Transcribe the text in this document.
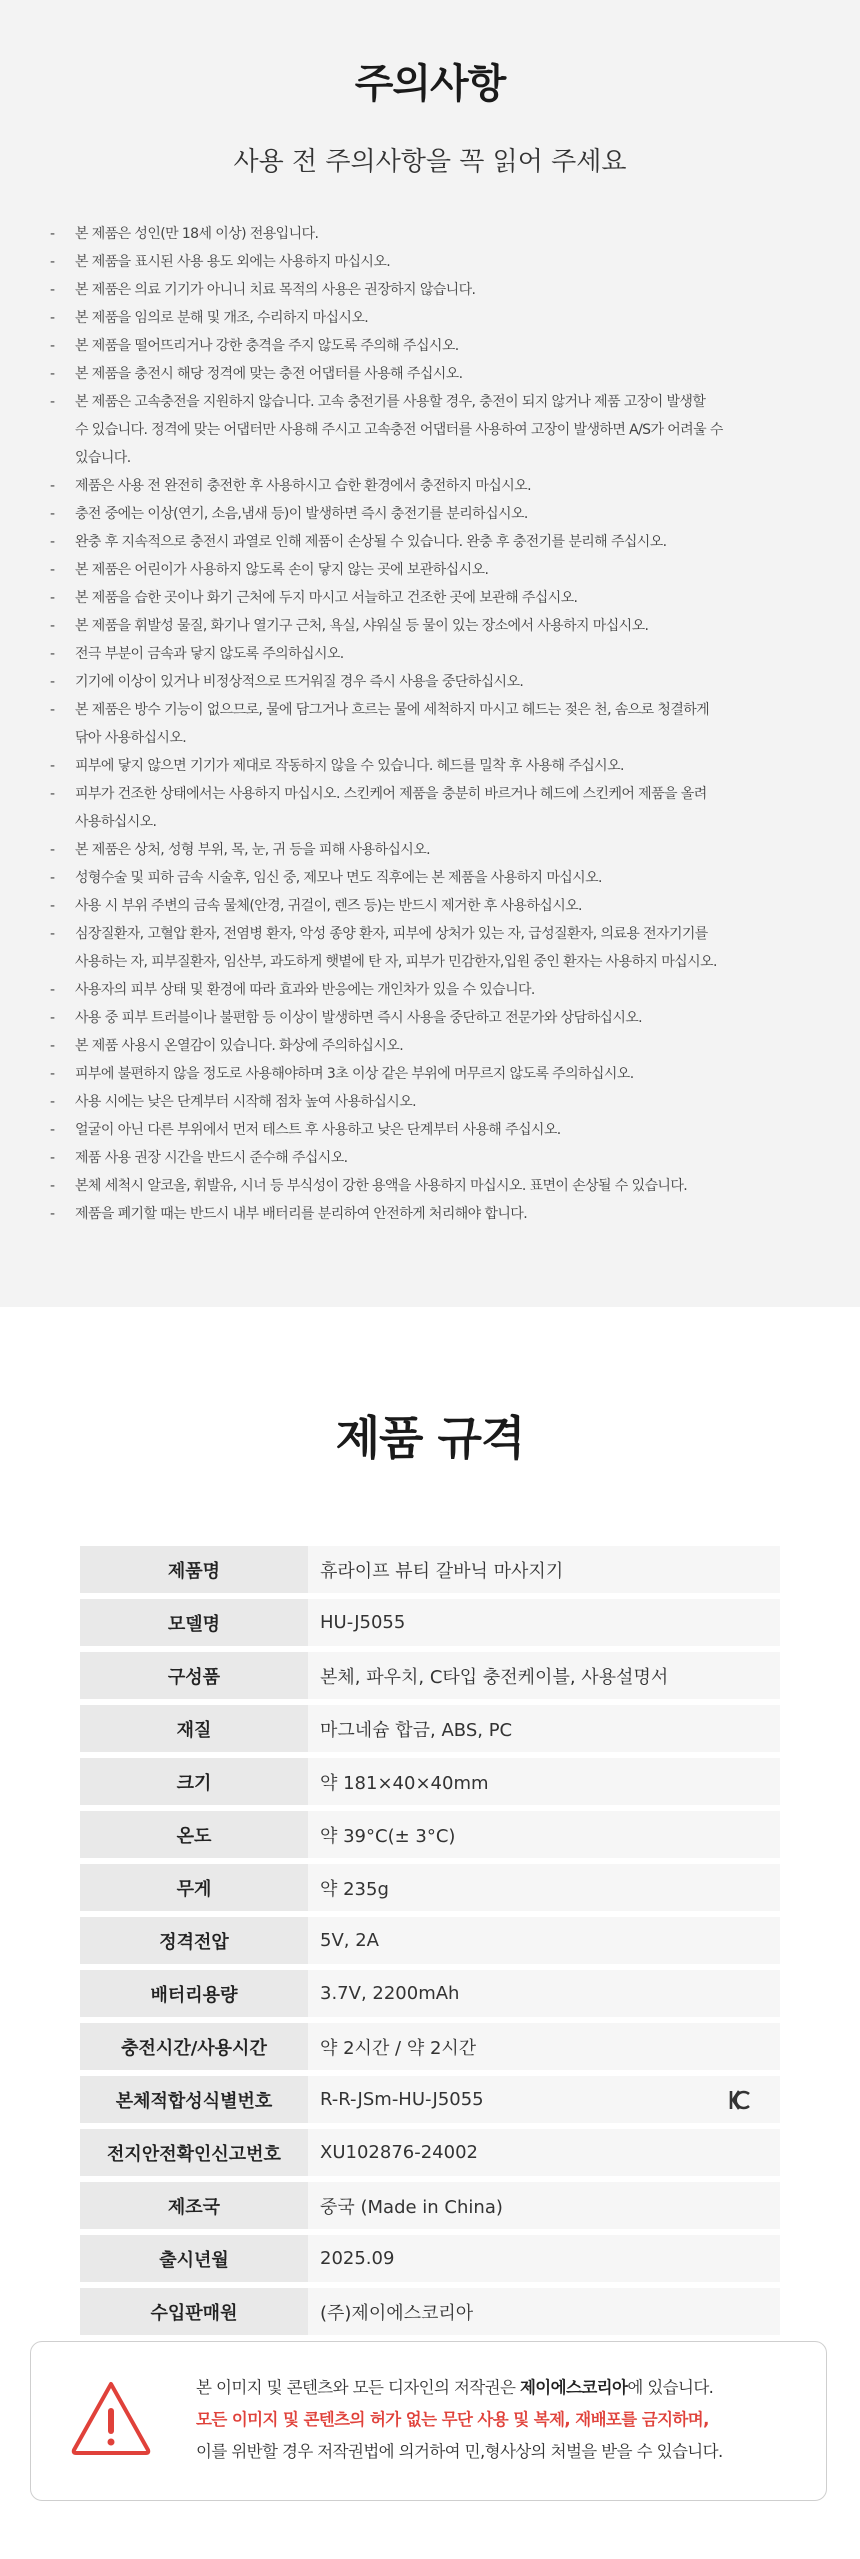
주의사항
사용 전 주의사항을 꼭 읽어 주세요
- 본 제품은 성인(만 18세 이상) 전용입니다.
- 본 제품을 표시된 사용 용도 외에는 사용하지 마십시오.
- 본 제품은 의료 기기가 아니니 치료 목적의 사용은 권장하지 않습니다.
- 본 제품을 임의로 분해 및 개조, 수리하지 마십시오.
- 본 제품을 떨어뜨리거나 강한 충격을 주지 않도록 주의해 주십시오.
- 본 제품을 충전시 해당 정격에 맞는 충전 어댑터를 사용해 주십시오.
- 본 제품은 고속충전을 지원하지 않습니다. 고속 충전기를 사용할 경우, 충전이 되지 않거나 제품 고장이 발생할
수 있습니다. 정격에 맞는 어댑터만 사용해 주시고 고속충전 어댑터를 사용하여 고장이 발생하면 A/S가 어려울 수
있습니다.
- 제품은 사용 전 완전히 충전한 후 사용하시고 습한 환경에서 충전하지 마십시오.
- 충전 중에는 이상(연기, 소음,냄새 등)이 발생하면 즉시 충전기를 분리하십시오.
- 완충 후 지속적으로 충전시 과열로 인해 제품이 손상될 수 있습니다. 완충 후 충전기를 분리해 주십시오.
- 본 제품은 어린이가 사용하지 않도록 손이 닿지 않는 곳에 보관하십시오.
- 본 제품을 습한 곳이나 화기 근처에 두지 마시고 서늘하고 건조한 곳에 보관해 주십시오.
- 본 제품을 휘발성 물질, 화기나 열기구 근처, 욕실, 샤워실 등 물이 있는 장소에서 사용하지 마십시오.
- 전극 부분이 금속과 닿지 않도록 주의하십시오.
- 기기에 이상이 있거나 비정상적으로 뜨거워질 경우 즉시 사용을 중단하십시오.
- 본 제품은 방수 기능이 없으므로, 물에 담그거나 흐르는 물에 세척하지 마시고 헤드는 젖은 천, 솜으로 청결하게
닦아 사용하십시오.
- 피부에 닿지 않으면 기기가 제대로 작동하지 않을 수 있습니다. 헤드를 밀착 후 사용해 주십시오.
- 피부가 건조한 상태에서는 사용하지 마십시오. 스킨케어 제품을 충분히 바르거나 헤드에 스킨케어 제품을 올려
사용하십시오.
- 본 제품은 상처, 성형 부위, 목, 눈, 귀 등을 피해 사용하십시오.
- 성형수술 및 피하 금속 시술후, 임신 중, 제모나 면도 직후에는 본 제품을 사용하지 마십시오.
- 사용 시 부위 주변의 금속 물체(안경, 귀걸이, 렌즈 등)는 반드시 제거한 후 사용하십시오.
- 심장질환자, 고혈압 환자, 전염병 환자, 악성 종양 환자, 피부에 상처가 있는 자, 급성질환자, 의료용 전자기기를
사용하는 자, 피부질환자, 임산부, 과도하게 햇볕에 탄 자, 피부가 민감한자,입원 중인 환자는 사용하지 마십시오.
- 사용자의 피부 상태 및 환경에 따라 효과와 반응에는 개인차가 있을 수 있습니다.
- 사용 중 피부 트러블이나 불편함 등 이상이 발생하면 즉시 사용을 중단하고 전문가와 상담하십시오.
- 본 제품 사용시 온열감이 있습니다. 화상에 주의하십시오.
- 피부에 불편하지 않을 정도로 사용해야하며 3초 이상 같은 부위에 머무르지 않도록 주의하십시오.
- 사용 시에는 낮은 단계부터 시작해 점차 높여 사용하십시오.
- 얼굴이 아닌 다른 부위에서 먼저 테스트 후 사용하고 낮은 단계부터 사용해 주십시오.
- 제품 사용 권장 시간을 반드시 준수해 주십시오.
- 본체 세척시 알코올, 휘발유, 시너 등 부식성이 강한 용액을 사용하지 마십시오. 표면이 손상될 수 있습니다.
- 제품을 폐기할 때는 반드시 내부 배터리를 분리하여 안전하게 처리해야 합니다.
제품 규격
제품명	휴라이프 뷰티 갈바닉 마사지기
모델명	HU-J5055
구성품	본체, 파우치, C타입 충전케이블, 사용설명서
재질	마그네슘 합금, ABS, PC
크기	약 181×40×40mm
온도	약 39°C(± 3°C)
무게	약 235g
정격전압	5V, 2A
배터리용량	3.7V, 2200mAh
충전시간/사용시간	약 2시간 / 약 2시간
본체적합성식별번호	R-R-JSm-HU-J5055

전지안전확인신고번호	XU102876-24002
제조국	중국 (Made in China)
출시년월	2025.09
수입판매원	(주)제이에스코리아
본 이미지 및 콘텐츠와 모든 디자인의 저작권은 제이에스코리아에 있습니다.
모든 이미지 및 콘텐츠의 허가 없는 무단 사용 및 복제, 재배포를 금지하며,
이를 위반할 경우 저작권법에 의거하여 민,형사상의 처벌을 받을 수 있습니다.
